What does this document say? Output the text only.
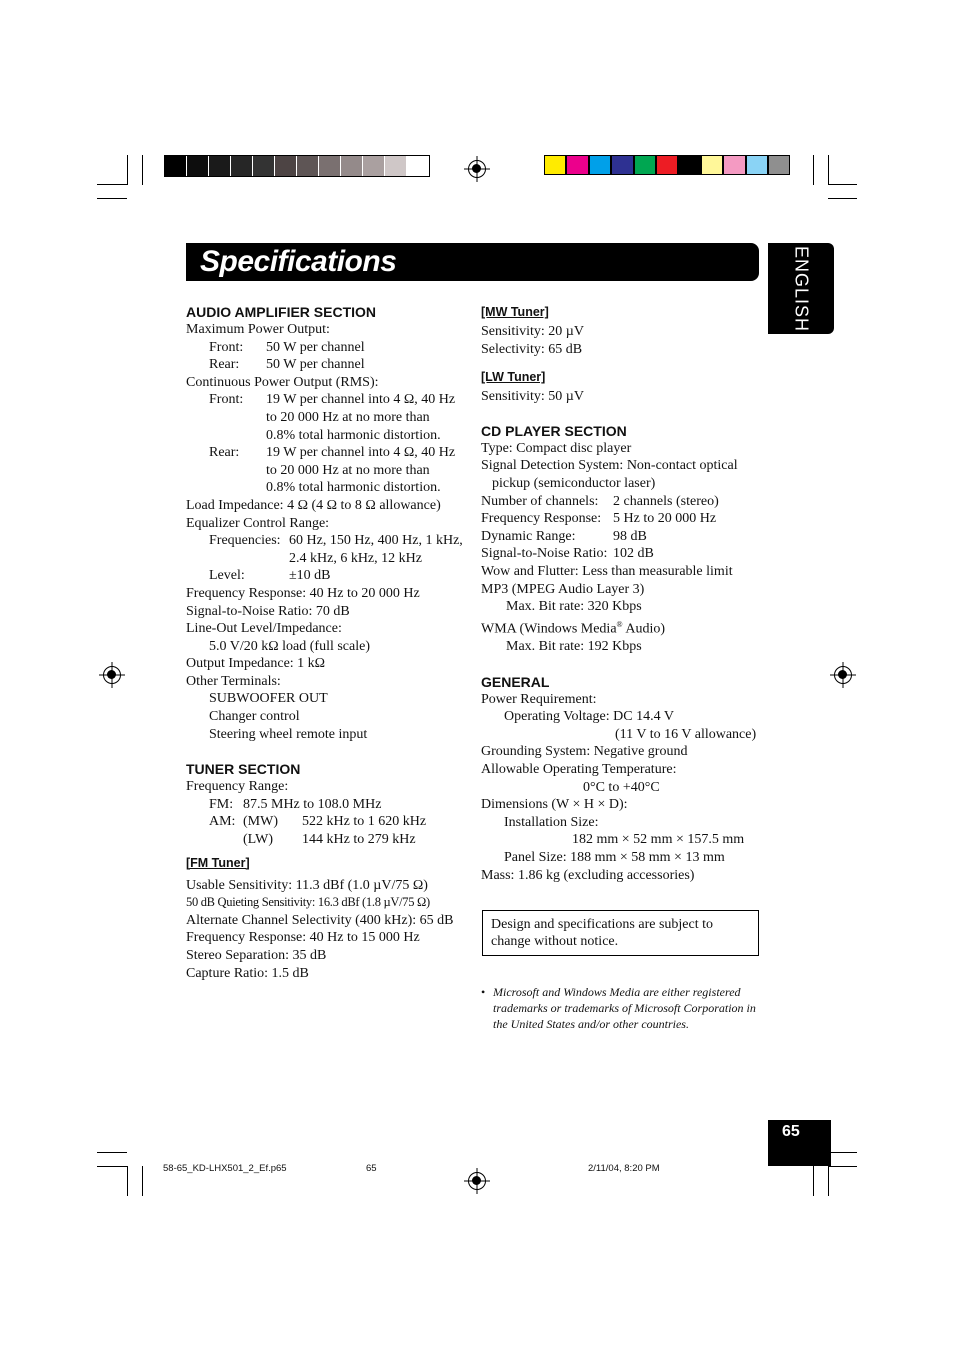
Specifications	ENGLISH
AUDIO AMPLIFIER SECTION
Maximum Power Output:
Front:	50 W per channel
Rear:	50 W per channel
Continuous Power Output (RMS):
Front:	19 W per channel into 4 Ω, 40 Hz
to 20 000 Hz at no more than
0.8% total harmonic distortion.
Rear:	19 W per channel into 4 Ω, 40 Hz
to 20 000 Hz at no more than
0.8% total harmonic distortion.
Load Impedance: 4 Ω (4 Ω to 8 Ω allowance)
Equalizer Control Range:
Frequencies: 60 Hz, 150 Hz, 400 Hz, 1 kHz,
2.4 kHz, 6 kHz, 12 kHz
Level:	±10 dB
Frequency Response: 40 Hz to 20 000 Hz
Signal-to-Noise Ratio: 70 dB
Line-Out Level/Impedance:
5.0 V/20 kΩ load (full scale)
Output Impedance: 1 kΩ
Other Terminals:
SUBWOOFER OUT
Changer control
Steering wheel remote input
TUNER SECTION
Frequency Range:
FM: 87.5 MHz to 108.0 MHz
AM: (MW)	522 kHz to 1 620 kHz
(LW)	144 kHz to 279 kHz
[FM Tuner]
Usable Sensitivity: 11.3 dBf (1.0 µV/75 Ω)
50 dB Quieting Sensitivity: 16.3 dBf (1.8 µV/75 Ω)
Alternate Channel Selectivity (400 kHz): 65 dB
Frequency Response: 40 Hz to 15 000 Hz
Stereo Separation: 35 dB
Capture Ratio: 1.5 dB
[MW Tuner]
Sensitivity: 20 µV
Selectivity: 65 dB
[LW Tuner]
Sensitivity: 50 µV
CD PLAYER SECTION
Type: Compact disc player
Signal Detection System: Non-contact optical
pickup (semiconductor laser)
Number of channels:	2 channels (stereo)
Frequency Response: 5 Hz to 20 000 Hz
Dynamic Range:	98 dB
Signal-to-Noise Ratio: 102 dB
Wow and Flutter: Less than measurable limit
MP3 (MPEG Audio Layer 3)
Max. Bit rate: 320 Kbps
WMA (Windows Media® Audio)
Max. Bit rate: 192 Kbps
GENERAL
Power Requirement:
Operating Voltage: DC 14.4 V
(11 V to 16 V allowance)
Grounding System: Negative ground
Allowable Operating Temperature:
0°C to +40°C
Dimensions (W × H × D):
Installation Size:
182 mm × 52 mm × 157.5 mm
Panel Size: 188 mm × 58 mm × 13 mm
Mass: 1.86 kg (excluding accessories)
Design and specifications are subject to change without notice.
• Microsoft and Windows Media are either registered trademarks or trademarks of Microsoft Corporation in the United States and/or other countries.
65
58-65_KD-LHX501_2_Ef.p65	65	2/11/04, 8:20 PM
